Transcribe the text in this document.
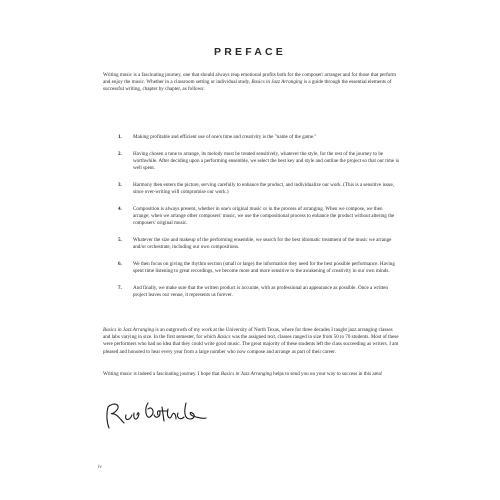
PREFACE

Writing music is a fascinating journey, one that should always reap emotional profits both for the composer/ arranger and for those that perform and enjoy the music. Whether in a classroom setting or individual study, Basics in Jazz Arranging is a guide through the essential elements of successful writing, chapter by chapter, as follows:

1. Making profitable and efficient use of one's time and creativity is the "name of the game."
2. Having chosen a tune to arrange, its melody must be treated sensitively, whatever the style, for the rest of the journey to be worthwhile. After deciding upon a performing ensemble, we select the best key and style and outline the project so that our time is well spent.
3. Harmony then enters the picture, serving carefully to enhance the product, and individualize our work. (This is a sensitive issue, since over-writing will compromise our work.)
4. Composition is always present, whether in one's original music or in the process of arranging. When we compose, we then arrange; when we arrange other composers' music, we use the compositional process to enhance the product without altering the composers' original music.
5. Whatever the size and makeup of the performing ensemble, we search for the best idiomatic treatment of the music we arrange and/or orchestrate, including our own compositions.
6. We then focus on giving the rhythm section (small or large) the information they need for the best possible performance. Having spent time listening to great recordings, we become more and more sensitive to the awakening of creativity in our own minds.
7. And finally, we make sure that the written product is accurate, with as professional an appearance as possible. Once a written project leaves our venue, it represents us forever.

Basics in Jazz Arranging is an outgrowth of my work at the University of North Texas, where for three decades I taught jazz arranging classes and labs varying in size. In the first semester, for which Basics was the assigned text, classes ranged in size from 50 to 70 students. Most of these were performers who had no idea that they could write good music. The great majority of these students left the class succeeding as writers. I am pleased and honored to hear every year from a large number who now compose and arrange as part of their career.

Writing music is indeed a fascinating journey. I hope that Basics in Jazz Arranging helps to send you on your way to success in this area!

iv
